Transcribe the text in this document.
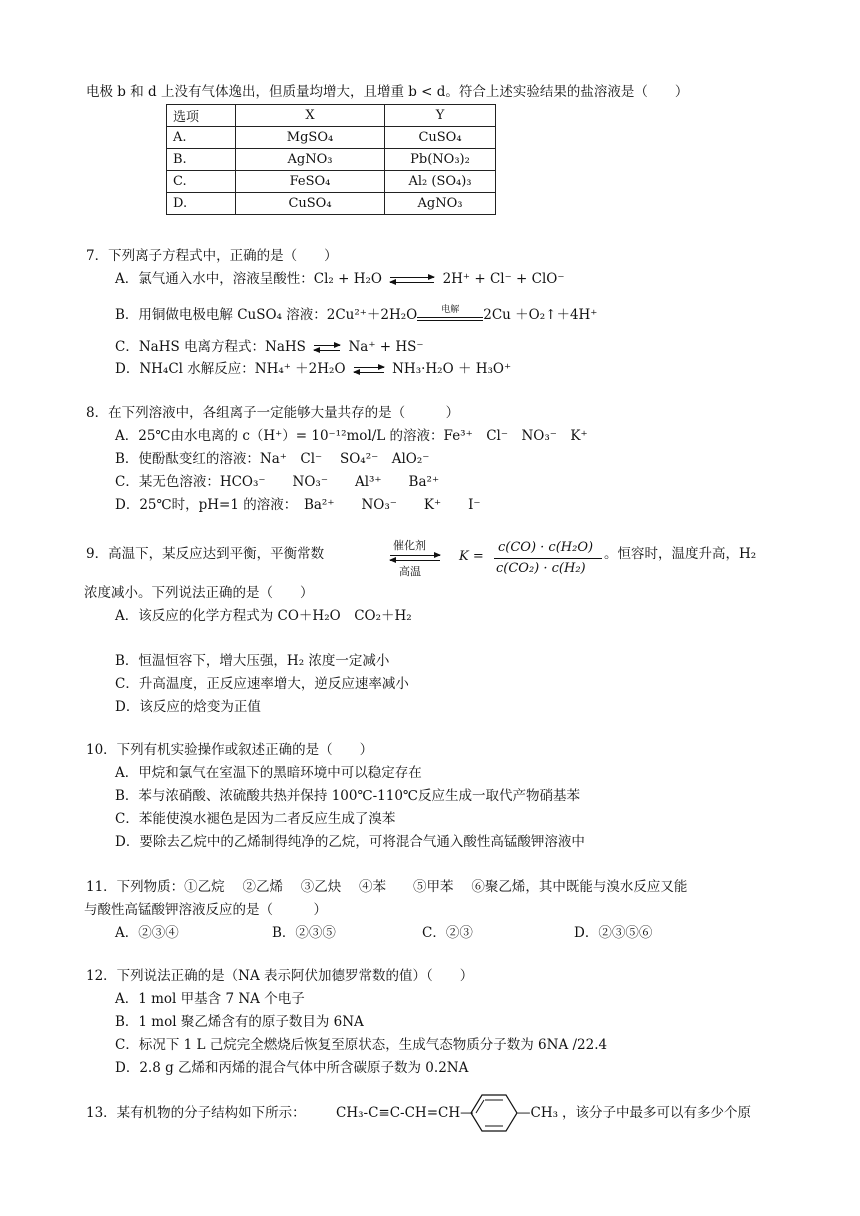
电极 b 和 d 上没有气体逸出，但质量均增大，且增重 b < d。符合上述实验结果的盐溶液是（　　）
选项	X	Y
A.	MgSO₄	CuSO₄
B.	AgNO₃	Pb(NO₃)₂
C.	FeSO₄	Al₂ (SO₄)₃
D.	CuSO₄	AgNO₃
7．下列离子方程式中，正确的是（　　）
A．氯气通入水中，溶液呈酸性：Cl₂ + H₂O ⇌ 2H⁺ + Cl⁻ + ClO⁻
B．用铜做电极电解 CuSO₄ 溶液：2Cu²⁺＋2H₂O	电解	2Cu ＋O₂↑＋4H⁺
C．NaHS 电离方程式：NaHS ⇌ Na⁺ + HS⁻
D．NH₄Cl 水解反应：NH₄⁺ ＋2H₂O ⇌ NH₃·H₂O ＋ H₃O⁺
8．在下列溶液中，各组离子一定能够大量共存的是（　　　）
A．25℃由水电离的 c（H⁺）= 10⁻¹²mol/L 的溶液：Fe³⁺　Cl⁻　NO₃⁻　K⁺
B．使酚酞变红的溶液：Na⁺　Cl⁻　 SO₄²⁻　AlO₂⁻
C．某无色溶液：HCO₃⁻　　NO₃⁻　　Al³⁺　　Ba²⁺
D．25℃时，pH=1 的溶液：　Ba²⁺　　NO₃⁻　　K⁺　　I⁻
9．高温下，某反应达到平衡，平衡常数
催化剂
高温
K =
c(CO) · c(H₂O)
c(CO₂) · c(H₂)
。恒容时，温度升高，H₂
浓度减小。下列说法正确的是（　　）
A．该反应的化学方程式为 CO＋H₂O　CO₂＋H₂
B．恒温恒容下，增大压强，H₂ 浓度一定减小
C．升高温度，正反应速率增大，逆反应速率减小
D．该反应的焓变为正值
10．下列有机实验操作或叙述正确的是（　　）
A．甲烷和氯气在室温下的黑暗环境中可以稳定存在
B．苯与浓硝酸、浓硫酸共热并保持 100℃-110℃反应生成一取代产物硝基苯
C．苯能使溴水褪色是因为二者反应生成了溴苯
D．要除去乙烷中的乙烯制得纯净的乙烷，可将混合气通入酸性高锰酸钾溶液中
11．下列物质：①乙烷　 ②乙烯　 ③乙炔　 ④苯　　⑤甲苯　 ⑥聚乙烯，其中既能与溴水反应又能
与酸性高锰酸钾溶液反应的是（　　　）
A．②③④	B．②③⑤	C．②③	D．②③⑤⑥
12．下列说法正确的是（NA 表示阿伏加德罗常数的值）（　　）
A．1 mol 甲基含 7 NA 个电子
B．1 mol 聚乙烯含有的原子数目为 6NA
C．标况下 1 L 己烷完全燃烧后恢复至原状态，生成气态物质分子数为 6NA /22.4
D．2.8 g 乙烯和丙烯的混合气体中所含碳原子数为 0.2NA
13．某有机物的分子结构如下所示： CH₃-C≡C-CH=CH—	—CH₃ ，该分子中最多可以有多少个原
